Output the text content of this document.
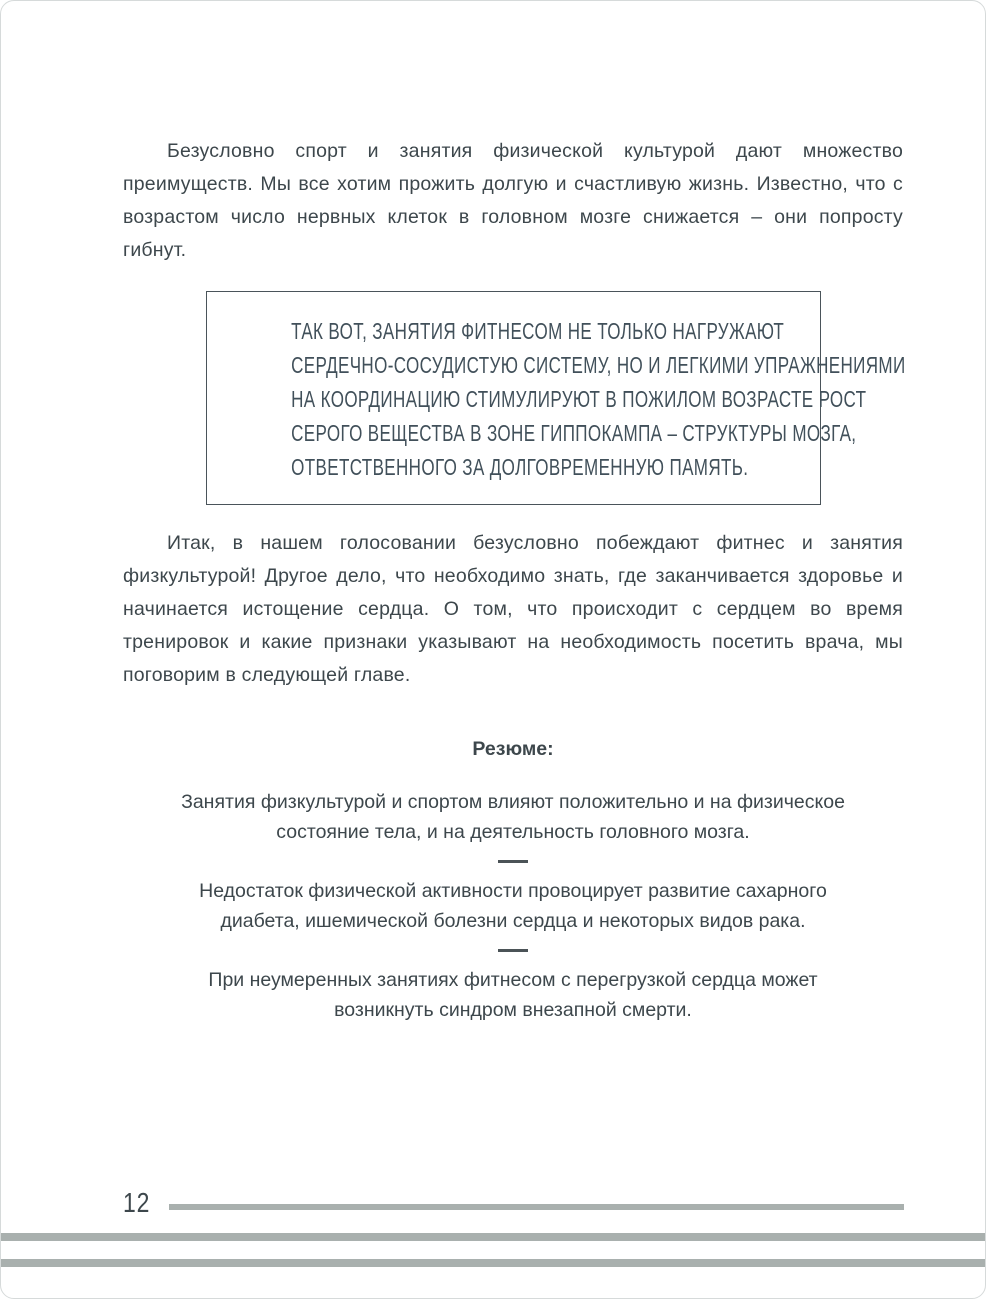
Безусловно спорт и занятия физической культурой дают множество преимуществ. Мы все хотим прожить долгую и счастливую жизнь. Известно, что с возрастом число нервных клеток в головном мозге снижается – они попросту гибнут.

ТАК ВОТ, ЗАНЯТИЯ ФИТНЕСОМ НЕ ТОЛЬКО НАГРУЖАЮТ
СЕРДЕЧНО-СОСУДИСТУЮ СИСТЕМУ, НО И ЛЕГКИМИ УПРАЖНЕНИЯМИ
НА КООРДИНАЦИЮ СТИМУЛИРУЮТ В ПОЖИЛОМ ВОЗРАСТЕ РОСТ
СЕРОГО ВЕЩЕСТВА В ЗОНЕ ГИППОКАМПА – СТРУКТУРЫ МОЗГА,
ОТВЕТСТВЕННОГО ЗА ДОЛГОВРЕМЕННУЮ ПАМЯТЬ.

Итак, в нашем голосовании безусловно побеждают фитнес и занятия физкультурой! Другое дело, что необходимо знать, где заканчивается здоровье и начинается истощение сердца. О том, что происходит с сердцем во время тренировок и какие признаки указывают на необходимость посетить врача, мы поговорим в следующей главе.

Резюме:
Занятия физкультурой и спортом влияют положительно и на физическое состояние тела, и на деятельность головного мозга.
Недостаток физической активности провоцирует развитие сахарного диабета, ишемической болезни сердца и некоторых видов рака.
При неумеренных занятиях фитнесом с перегрузкой сердца может возникнуть синдром внезапной смерти.
12
